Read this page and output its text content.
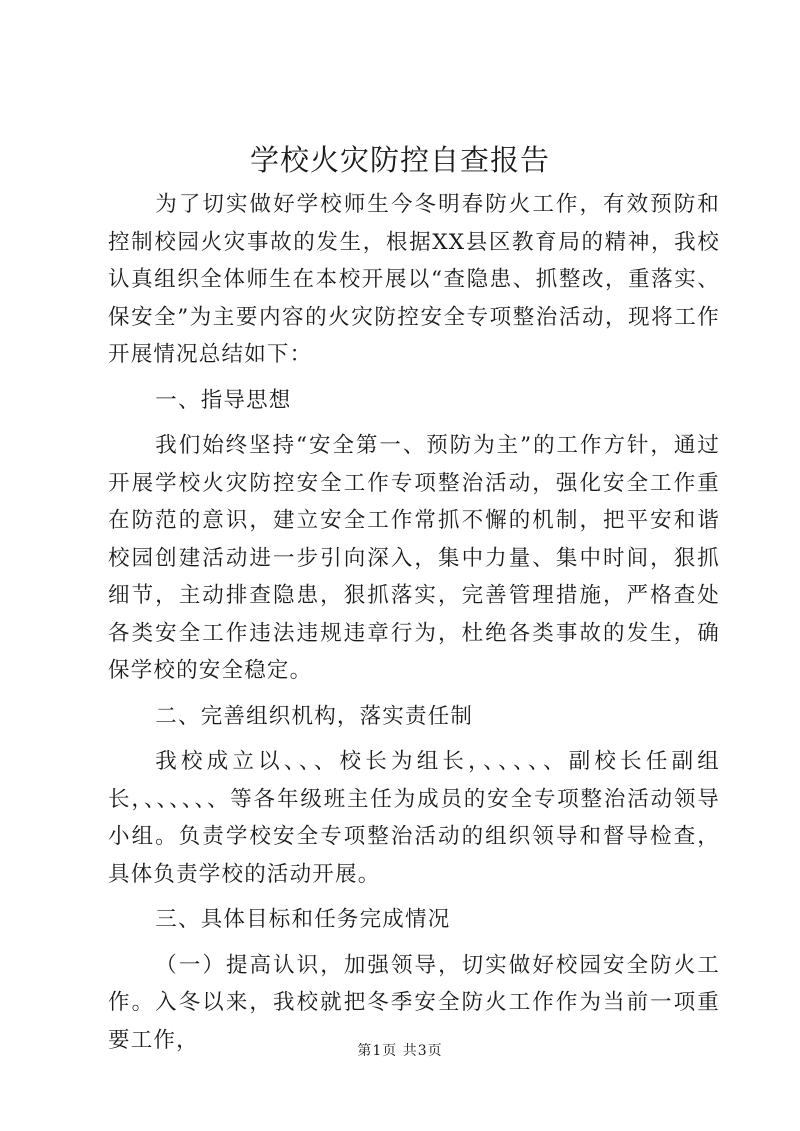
学校火灾防控自查报告

为了切实做好学校师生今冬明春防火工作，有效预防和控制校园火灾事故的发生，根据XX县区教育局的精神，我校认真组织全体师生在本校开展以“查隐患、抓整改，重落实、保安全”为主要内容的火灾防控安全专项整治活动，现将工作开展情况总结如下：

一、指导思想

我们始终坚持“安全第一、预防为主”的工作方针，通过开展学校火灾防控安全工作专项整治活动，强化安全工作重在防范的意识，建立安全工作常抓不懈的机制，把平安和谐校园创建活动进一步引向深入，集中力量、集中时间，狠抓细节，主动排查隐患，狠抓落实，完善管理措施，严格查处各类安全工作违法违规违章行为，杜绝各类事故的发生，确保学校的安全稳定。

二、完善组织机构，落实责任制

我校成立以、、、校长为组长，、、、、、副校长任副组长，、、、、、、等各年级班主任为成员的安全专项整治活动领导小组。负责学校安全专项整治活动的组织领导和督导检查，具体负责学校的活动开展。

三、具体目标和任务完成情况

（一）提高认识，加强领导，切实做好校园安全防火工作。入冬以来，我校就把冬季安全防火工作作为当前一项重要工作，	第1页 共3页
